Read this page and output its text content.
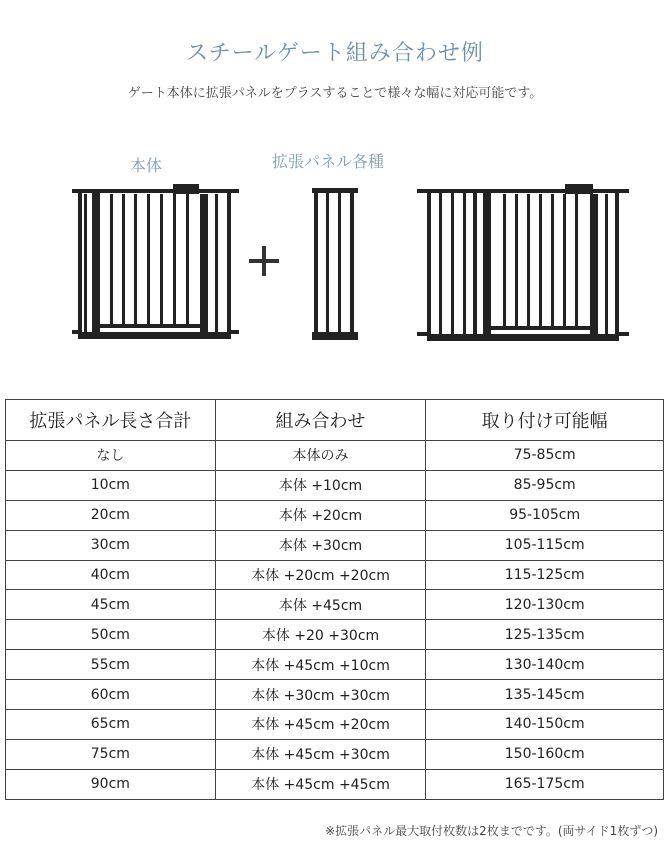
スチールゲート組み合わせ例
ゲート本体に拡張パネルをプラスすることで様々な幅に対応可能です。
本体	拡張パネル各種
拡張パネル長さ合計	組み合わせ	取り付け可能幅
なし	本体のみ	75-85cm
10cm	本体 +10cm	85-95cm
20cm	本体 +20cm	95-105cm
30cm	本体 +30cm	105-115cm
40cm	本体 +20cm +20cm	115-125cm
45cm	本体 +45cm	120-130cm
50cm	本体 +20 +30cm	125-135cm
55cm	本体 +45cm +10cm	130-140cm
60cm	本体 +30cm +30cm	135-145cm
65cm	本体 +45cm +20cm	140-150cm
75cm	本体 +45cm +30cm	150-160cm
90cm	本体 +45cm +45cm	165-175cm
※拡張パネル最大取付枚数は2枚までです。(両サイド1枚ずつ)
